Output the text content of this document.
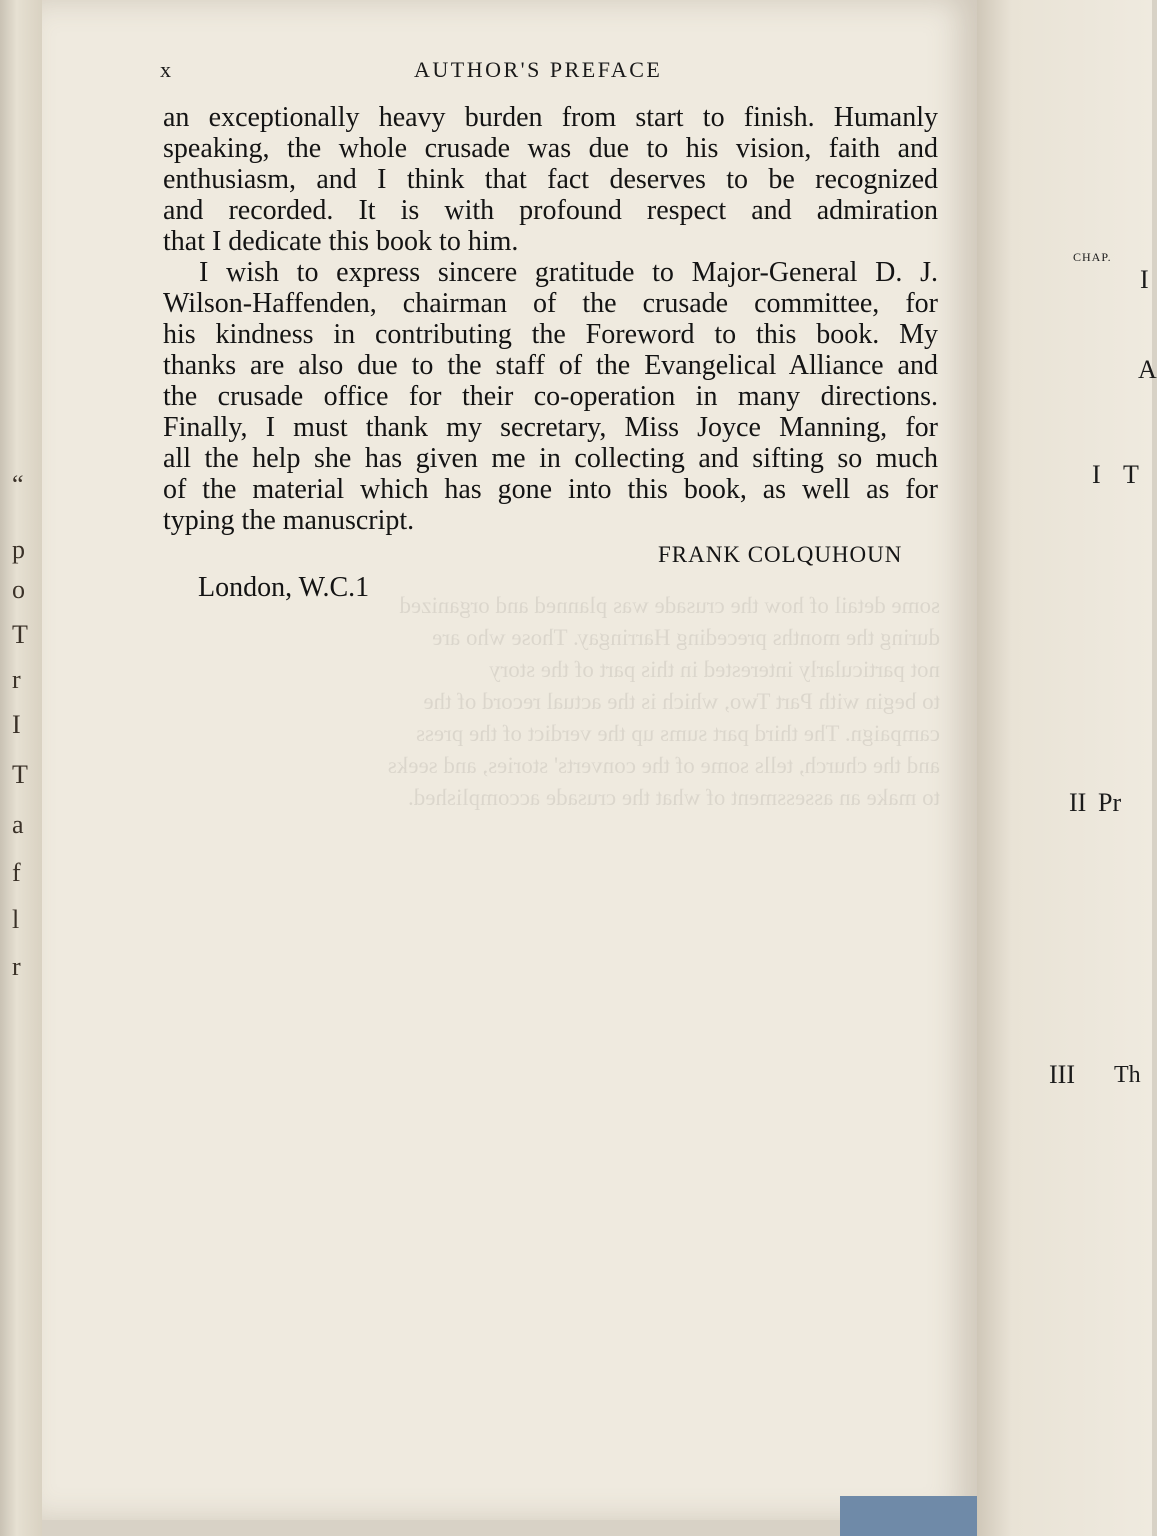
“
p
o
T
r
I
T
a
f
l
r
x	AUTHOR'S PREFACE
an exceptionally heavy burden from start to finish. Humanly
speaking, the whole crusade was due to his vision, faith and
enthusiasm, and I think that fact deserves to be recognized
and recorded. It is with profound respect and admiration
that I dedicate this book to him.
I wish to express sincere gratitude to Major-General D. J.
Wilson-Haffenden, chairman of the crusade committee, for
his kindness in contributing the Foreword to this book. My
thanks are also due to the staff of the Evangelical Alliance and
the crusade office for their co-operation in many directions.
Finally, I must thank my secretary, Miss Joyce Manning, for
all the help she has given me in collecting and sifting so much
of the material which has gone into this book, as well as for
typing the manuscript.
FRANK COLQUHOUN
London, W.C.1
CHAP.
I
A
I T
II Pr
III Th
